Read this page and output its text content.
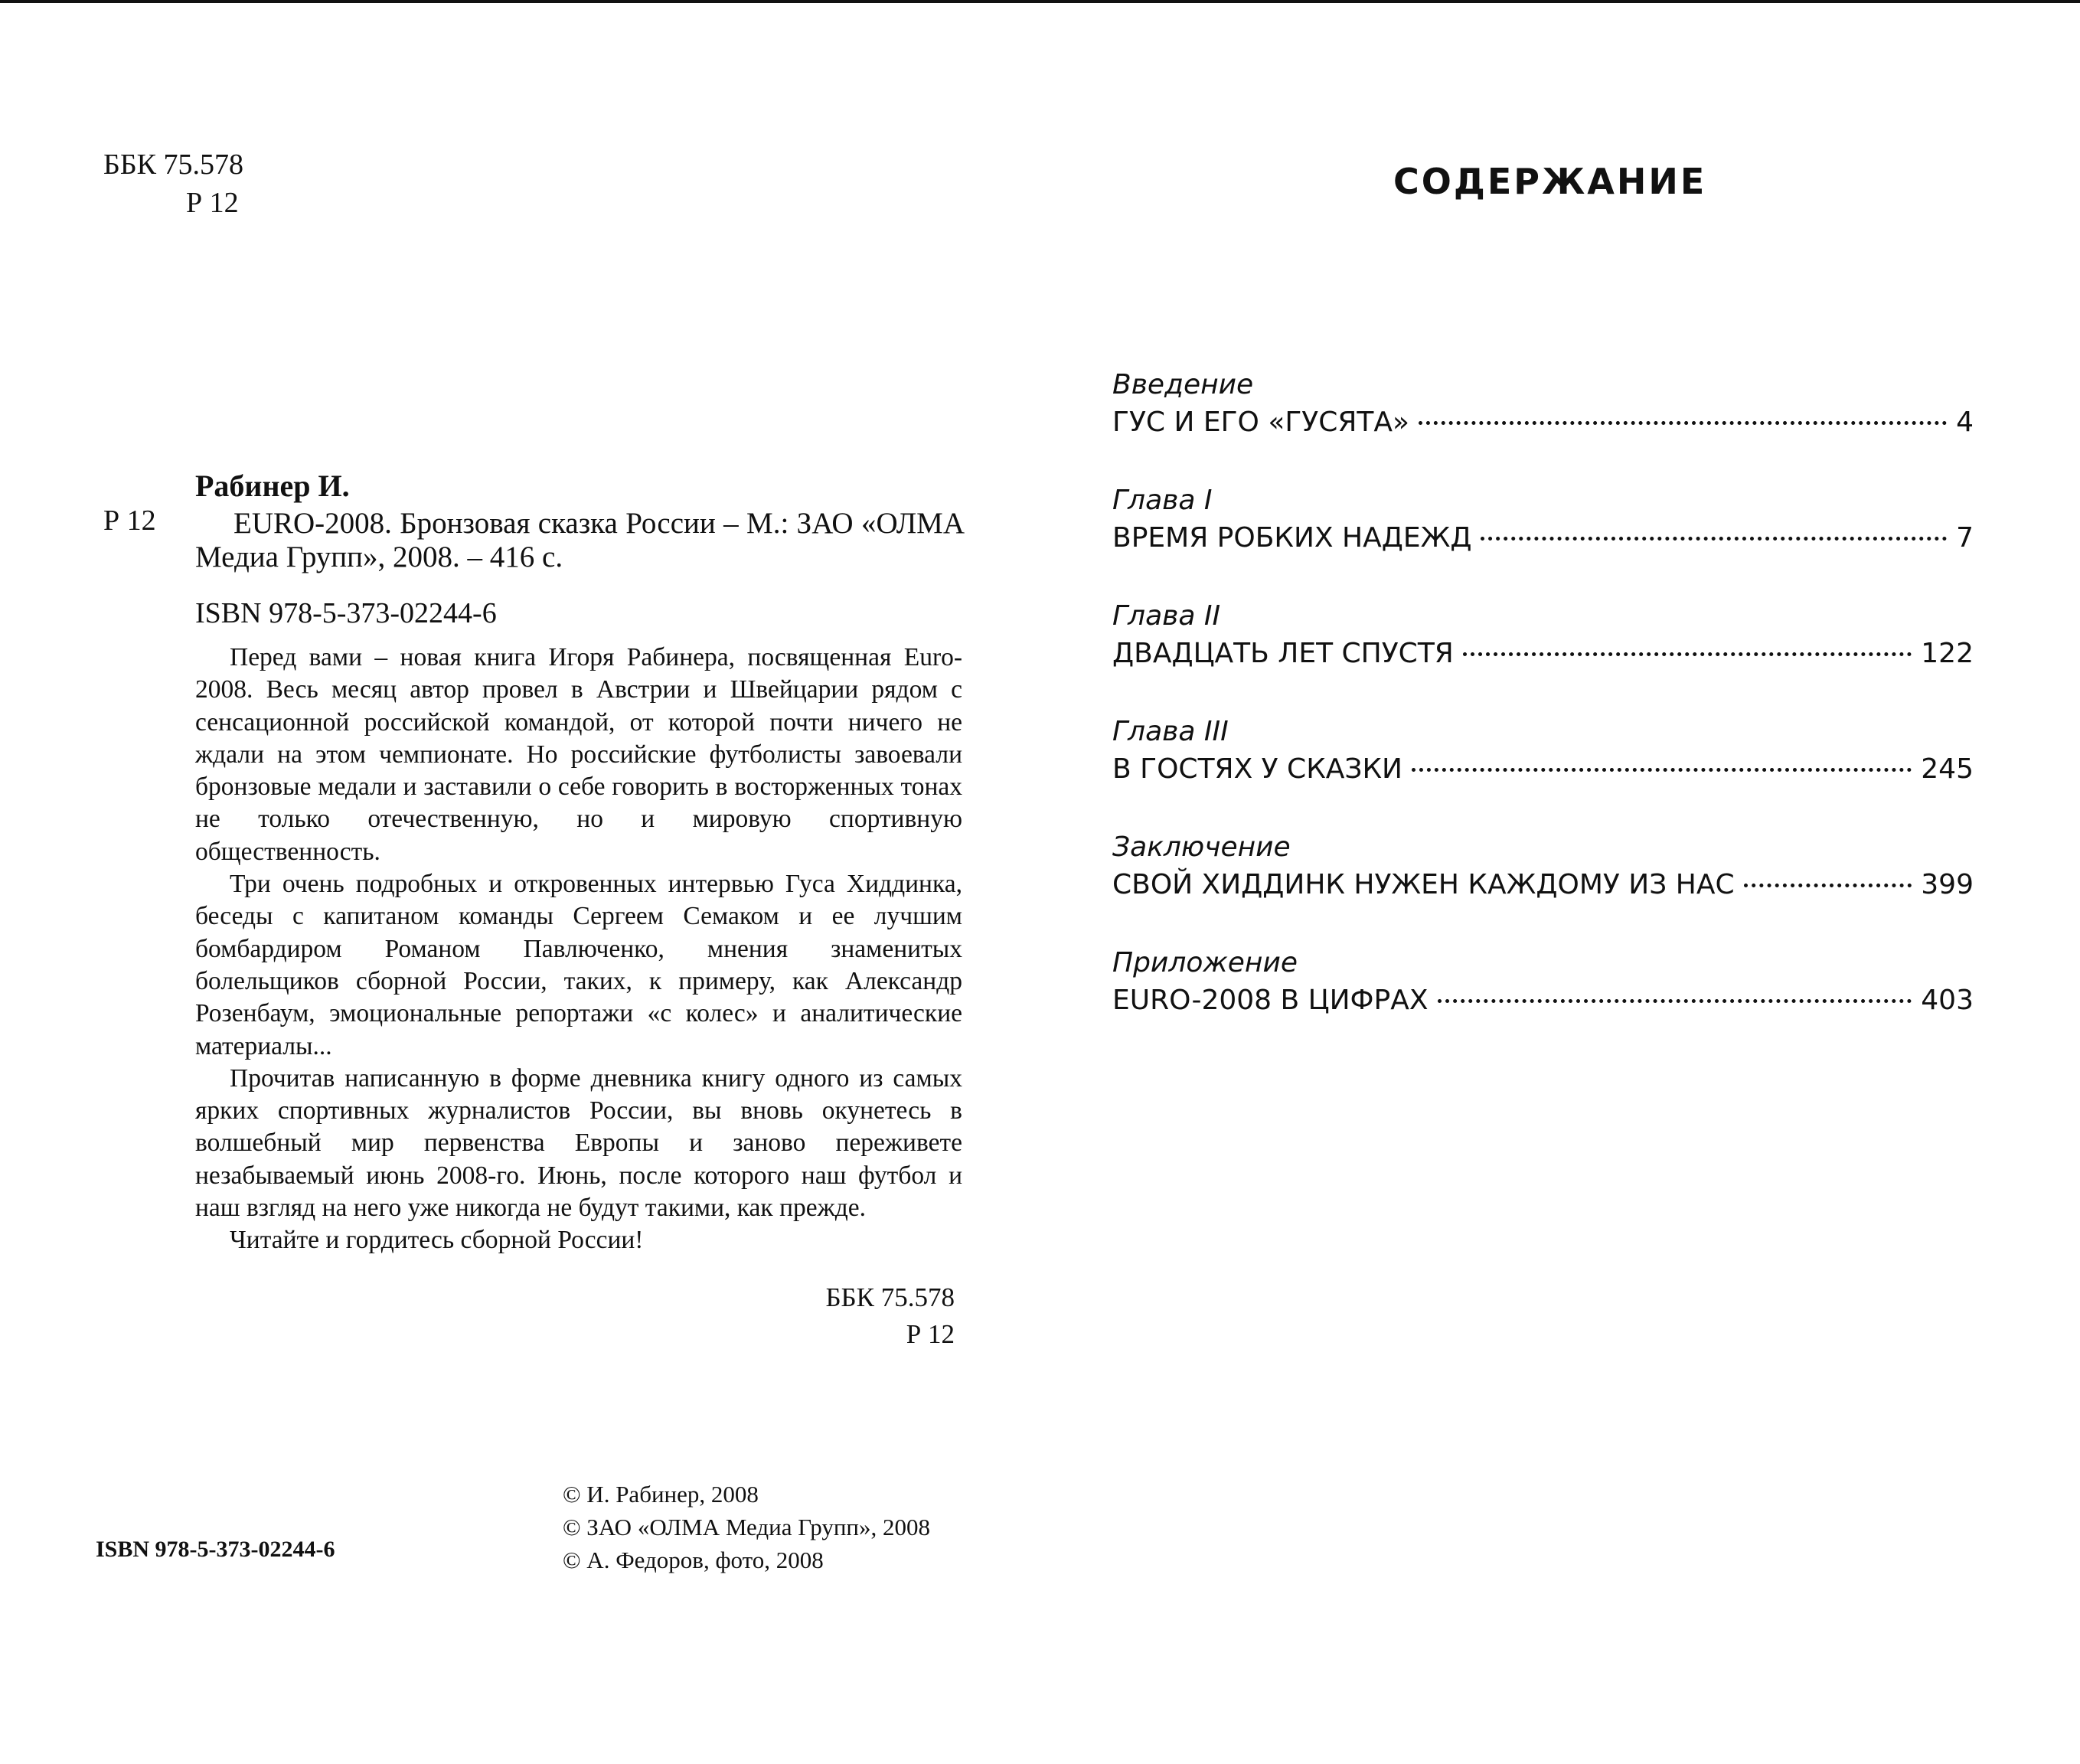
ББК 75.578
Р 12
Рабинер И.
Р 12	EURO-2008. Бронзовая сказка России – М.: ЗАО «ОЛМА Медиа Групп», 2008. – 416 с.
ISBN 978-5-373-02244-6

Перед вами – новая книга Игоря Рабинера, посвященная Euro-2008. Весь месяц автор провел в Австрии и Швейцарии рядом с сенсационной российской командой, от которой почти ничего не ждали на этом чемпионате. Но российские футболисты завоевали бронзовые медали и заставили о себе говорить в восторженных тонах не только отечественную, но и мировую спортивную общественность.

Три очень подробных и откровенных интервью Гуса Хиддинка, беседы с капитаном команды Сергеем Семаком и ее лучшим бомбардиром Романом Павлюченко, мнения знаменитых болельщиков сборной России, таких, к примеру, как Александр Розенбаум, эмоциональные репортажи «с колес» и аналитические материалы...

Прочитав написанную в форме дневника книгу одного из самых ярких спортивных журналистов России, вы вновь окунетесь в волшебный мир первенства Европы и заново переживете незабываемый июнь 2008-го. Июнь, после которого наш футбол и наш взгляд на него уже никогда не будут такими, как прежде.

Читайте и гордитесь сборной России!

ББК 75.578
Р 12
ISBN 978-5-373-02244-6
© И. Рабинер, 2008
© ЗАО «ОЛМА Медиа Групп», 2008
© А. Федоров, фото, 2008
СОДЕРЖАНИЕ
Введение
ГУС И ЕГО «ГУСЯТА»	4
Глава I
ВРЕМЯ РОБКИХ НАДЕЖД	7
Глава II
ДВАДЦАТЬ ЛЕТ СПУСТЯ	122
Глава III
В ГОСТЯХ У СКАЗКИ	245
Заключение
СВОЙ ХИДДИНК НУЖЕН КАЖДОМУ ИЗ НАС	399
Приложение
EURO-2008 В ЦИФРАХ	403
